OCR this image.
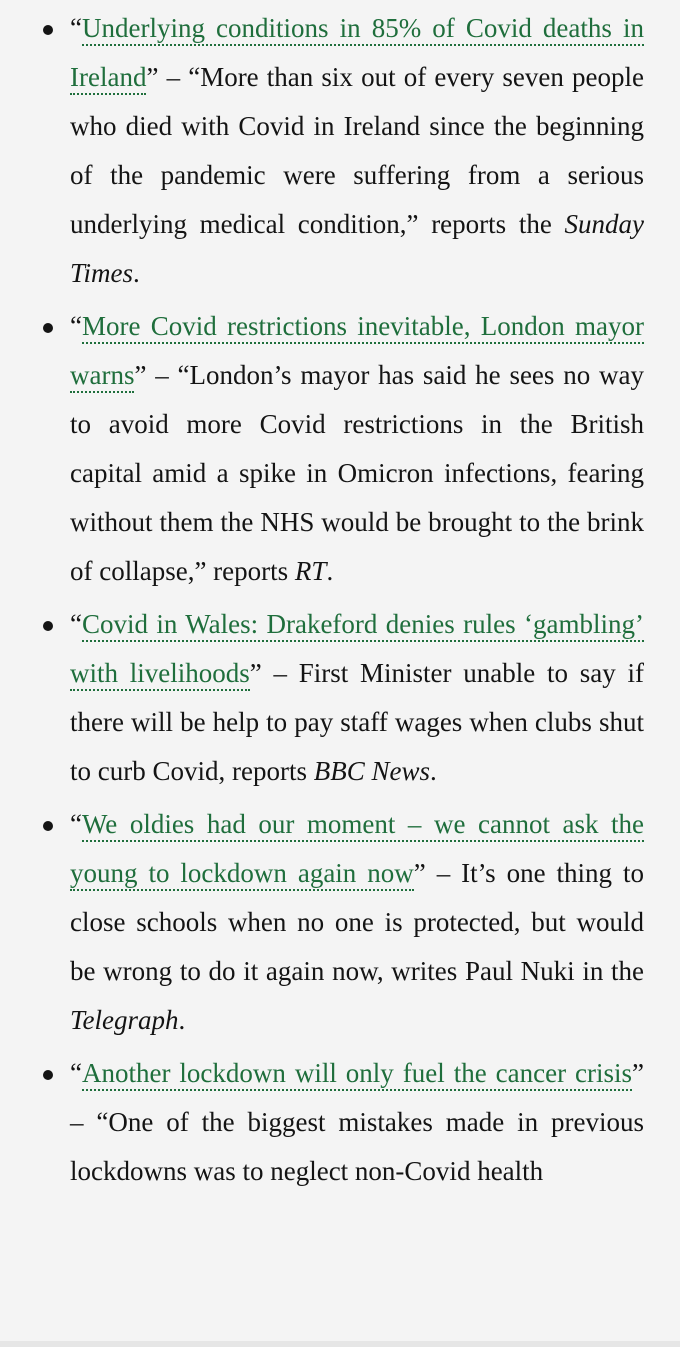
“Underlying conditions in 85% of Covid deaths in Ireland” – “More than six out of every seven people who died with Covid in Ireland since the beginning of the pandemic were suffering from a serious underlying medical condition,” reports the Sunday Times.
“More Covid restrictions inevitable, London mayor warns” – “London’s mayor has said he sees no way to avoid more Covid restrictions in the British capital amid a spike in Omicron infections, fearing without them the NHS would be brought to the brink of collapse,” reports RT.
“Covid in Wales: Drakeford denies rules ‘gambling’ with livelihoods” – First Minister unable to say if there will be help to pay staff wages when clubs shut to curb Covid, reports BBC News.
“We oldies had our moment – we cannot ask the young to lockdown again now” – It’s one thing to close schools when no one is protected, but would be wrong to do it again now, writes Paul Nuki in the Telegraph.
“Another lockdown will only fuel the cancer crisis” – “One of the biggest mistakes made in previous lockdowns was to neglect non-Covid health
